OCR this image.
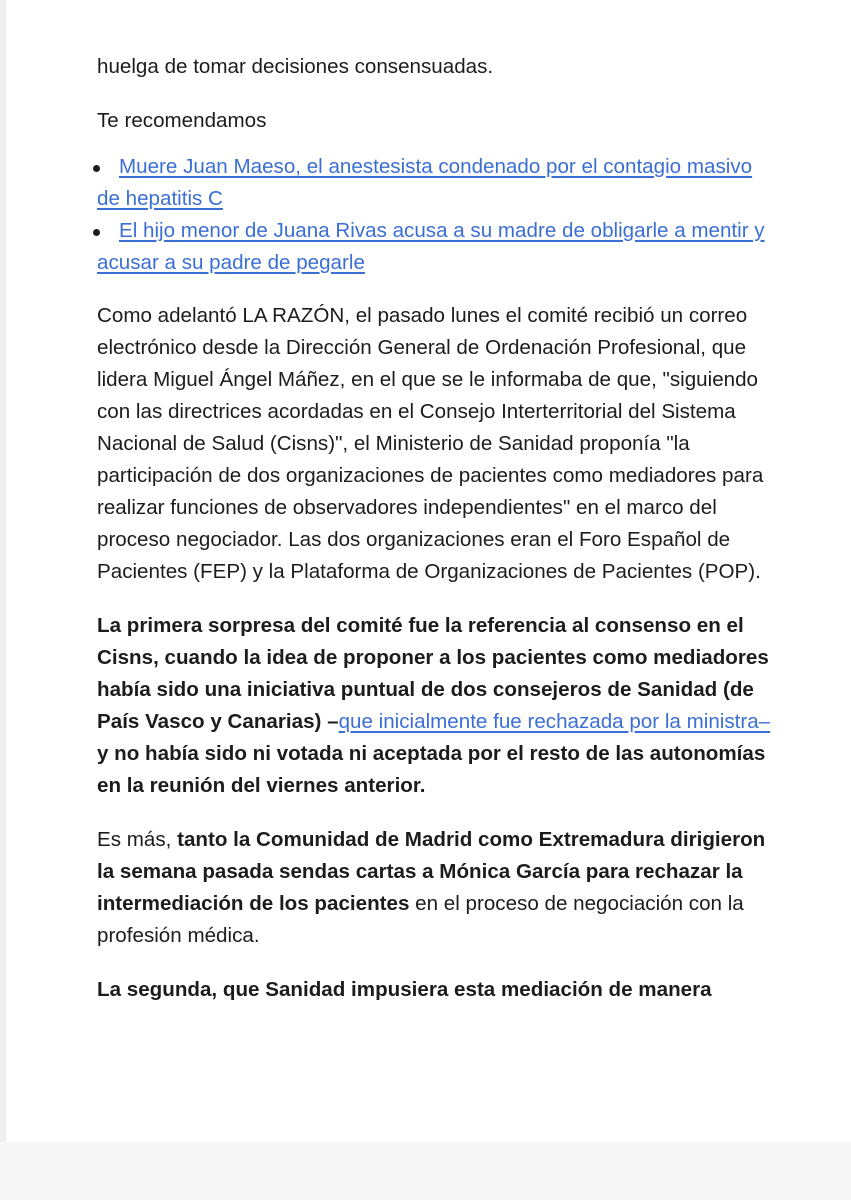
huelga de tomar decisiones consensuadas.

Te recomendamos

Muere Juan Maeso, el anestesista condenado por el contagio masivo de hepatitis C
El hijo menor de Juana Rivas acusa a su madre de obligarle a mentir y acusar a su padre de pegarle

Como adelantó LA RAZÓN, el pasado lunes el comité recibió un correo electrónico desde la Dirección General de Ordenación Profesional, que lidera Miguel Ángel Máñez, en el que se le informaba de que, "siguiendo con las directrices acordadas en el Consejo Interterritorial del Sistema Nacional de Salud (Cisns)", el Ministerio de Sanidad proponía "la participación de dos organizaciones de pacientes como mediadores para realizar funciones de observadores independientes" en el marco del proceso negociador. Las dos organizaciones eran el Foro Español de Pacientes (FEP) y la Plataforma de Organizaciones de Pacientes (POP).

La primera sorpresa del comité fue la referencia al consenso en el Cisns, cuando la idea de proponer a los pacientes como mediadores había sido una iniciativa puntual de dos consejeros de Sanidad (de País Vasco y Canarias) –que inicialmente fue rechazada por la ministra– y no había sido ni votada ni aceptada por el resto de las autonomías en la reunión del viernes anterior.

Es más, tanto la Comunidad de Madrid como Extremadura dirigieron la semana pasada sendas cartas a Mónica García para rechazar la intermediación de los pacientes en el proceso de negociación con la profesión médica.

La segunda, que Sanidad impusiera esta mediación de manera
